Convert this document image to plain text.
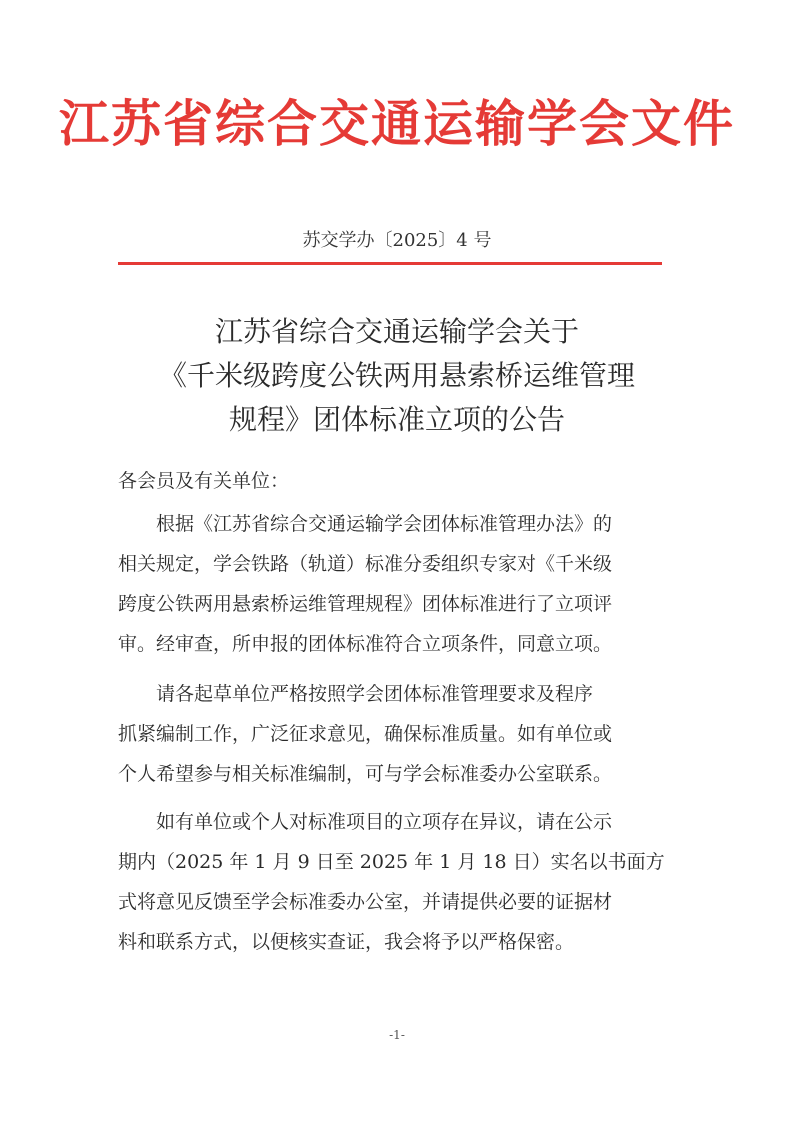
江苏省综合交通运输学会文件
苏交学办〔2025〕4 号
江苏省综合交通运输学会关于
《千米级跨度公铁两用悬索桥运维管理
规程》团体标准立项的公告
各会员及有关单位：
根据《江苏省综合交通运输学会团体标准管理办法》的
相关规定，学会铁路（轨道）标准分委组织专家对《千米级
跨度公铁两用悬索桥运维管理规程》团体标准进行了立项评
审。经审查，所申报的团体标准符合立项条件，同意立项。
请各起草单位严格按照学会团体标准管理要求及程序
抓紧编制工作，广泛征求意见，确保标准质量。如有单位或
个人希望参与相关标准编制，可与学会标准委办公室联系。
如有单位或个人对标准项目的立项存在异议，请在公示
期内（2025 年 1 月 9 日至 2025 年 1 月 18 日）实名以书面方
式将意见反馈至学会标准委办公室，并请提供必要的证据材
料和联系方式，以便核实查证，我会将予以严格保密。
-1-
